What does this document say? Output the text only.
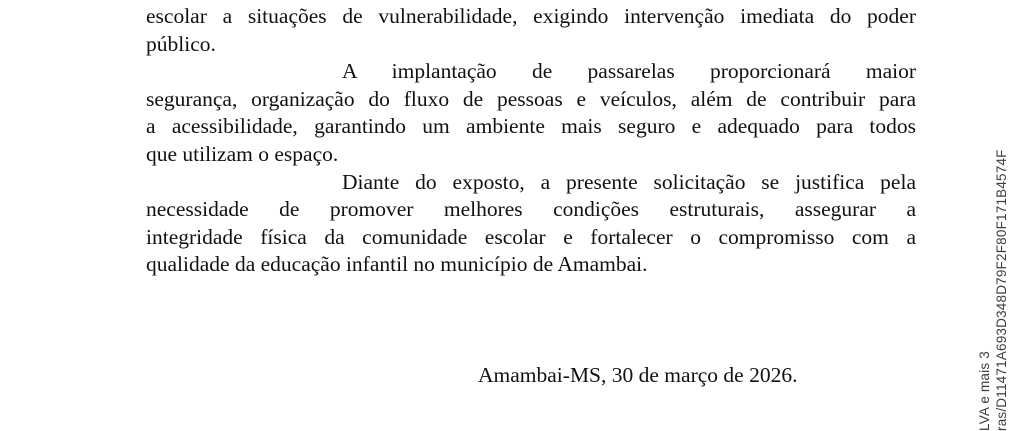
escolar a situações de vulnerabilidade, exigindo intervenção imediata do poder
público.

A implantação de passarelas proporcionará maior
segurança, organização do fluxo de pessoas e veículos, além de contribuir para
a acessibilidade, garantindo um ambiente mais seguro e adequado para todos
que utilizam o espaço.

Diante do exposto, a presente solicitação se justifica pela
necessidade de promover melhores condições estruturais, assegurar a
integridade física da comunidade escolar e fortalecer o compromisso com a
qualidade da educação infantil no município de Amambai.

Amambai-MS, 30 de março de 2026.	LVA e mais 3 ras/D11471A693D348D79F2F80F171B4574F
